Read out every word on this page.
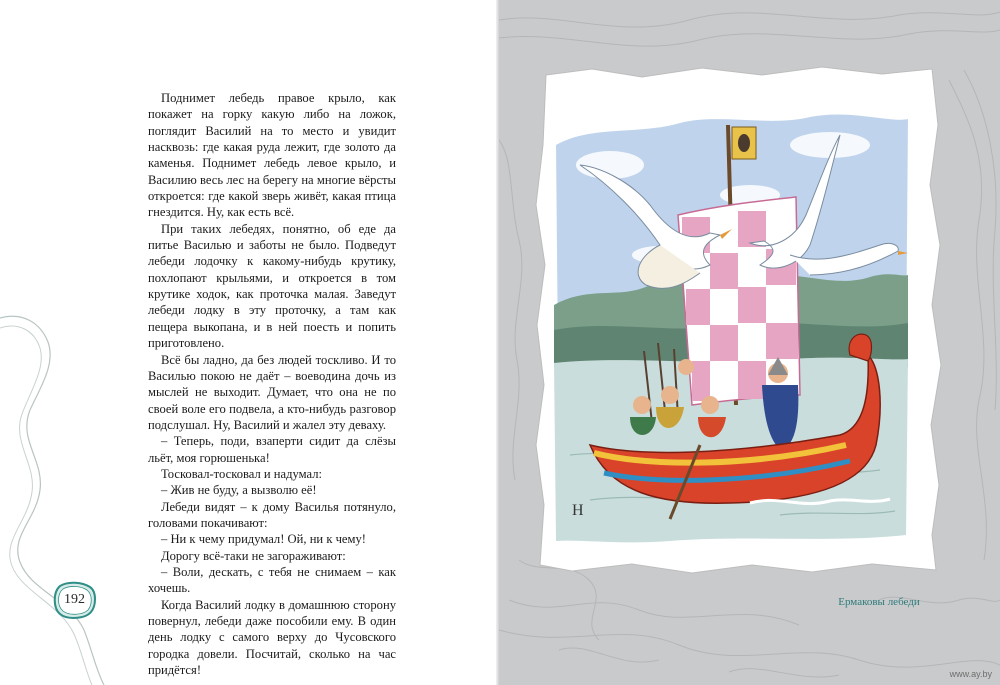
Поднимет лебедь правое крыло, как покажет на горку какую либо на ложок, поглядит Василий на то место и увидит насквозь: где какая руда лежит, где золото да каменья. Поднимет лебедь левое крыло, и Василию весь лес на берегу на многие вёрсты откроется: где какой зверь живёт, какая птица гнездится. Ну, как есть всё.

При таких лебедях, понятно, об еде да питье Василью и заботы не было. Подведут лебеди лодочку к какому-нибудь крутику, похлопают крыльями, и откроется в том крутике ходок, как проточка малая. Заведут лебеди лодку в эту проточку, а там как пещера выкопана, и в ней поесть и попить приготовлено.

Всё бы ладно, да без людей тоскливо. И то Василью покою не даёт – воеводина дочь из мыслей не выходит. Думает, что она не по своей воле его подвела, а кто-нибудь разговор подслушал. Ну, Василий и жалел эту деваху.

– Теперь, поди, взаперти сидит да слёзы льёт, моя горюшенька!

Тосковал-тосковал и надумал:

– Жив не буду, а вызволю её!

Лебеди видят – к дому Василья потянуло, головами покачивают:

– Ни к чему придумал! Ой, ни к чему!

Дорогу всё-таки не загораживают:

– Воли, дескать, с тебя не снимаем – как хочешь.

Когда Василий лодку в домашнюю сторону повернул, лебеди даже пособили ему. В один день лодку с самого верху до Чусовского городка довели. Посчитай, сколько на час придётся!

192
Н
Ермаковы лебеди
www.ay.by
